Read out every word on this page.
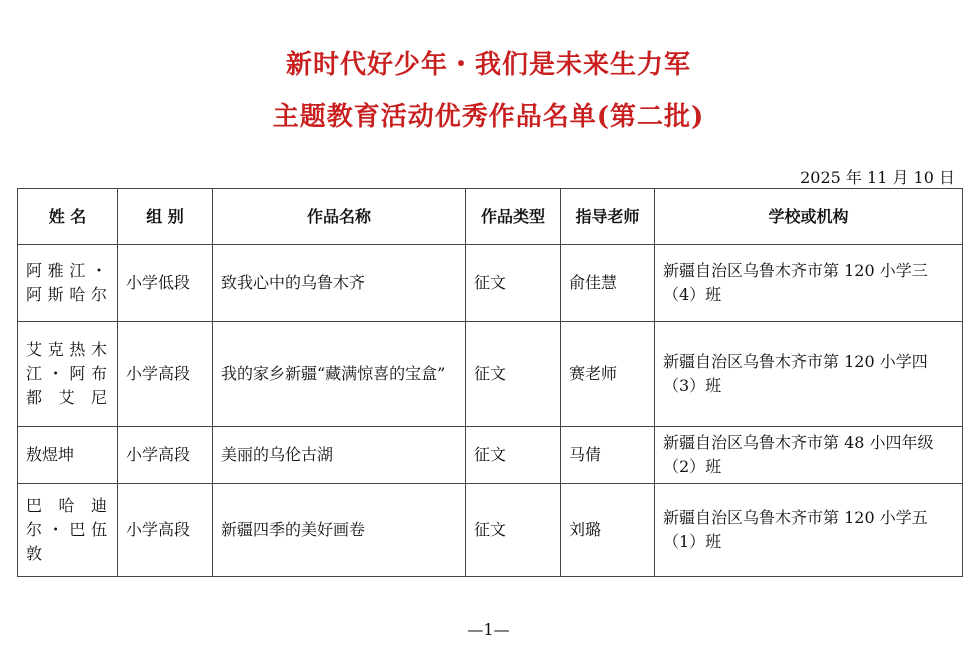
新时代好少年・我们是未来生力军
主题教育活动优秀作品名单(第二批)
2025 年 11 月 10 日
姓 名	组 别	作品名称	作品类型	指导老师	学校或机构
阿雅江・阿斯哈尔	小学低段	致我心中的乌鲁木齐	征文	俞佳慧	新疆自治区乌鲁木齐市第 120 小学三（4）班
艾克热木江・阿布都艾尼	小学高段	我的家乡新疆“藏满惊喜的宝盒”	征文	赛老师	新疆自治区乌鲁木齐市第 120 小学四（3）班
敖煜坤	小学高段	美丽的乌伦古湖	征文	马倩	新疆自治区乌鲁木齐市第 48 小四年级（2）班
巴哈迪尔・巴伍敦	小学高段	新疆四季的美好画卷	征文	刘璐	新疆自治区乌鲁木齐市第 120 小学五（1）班
—1—
